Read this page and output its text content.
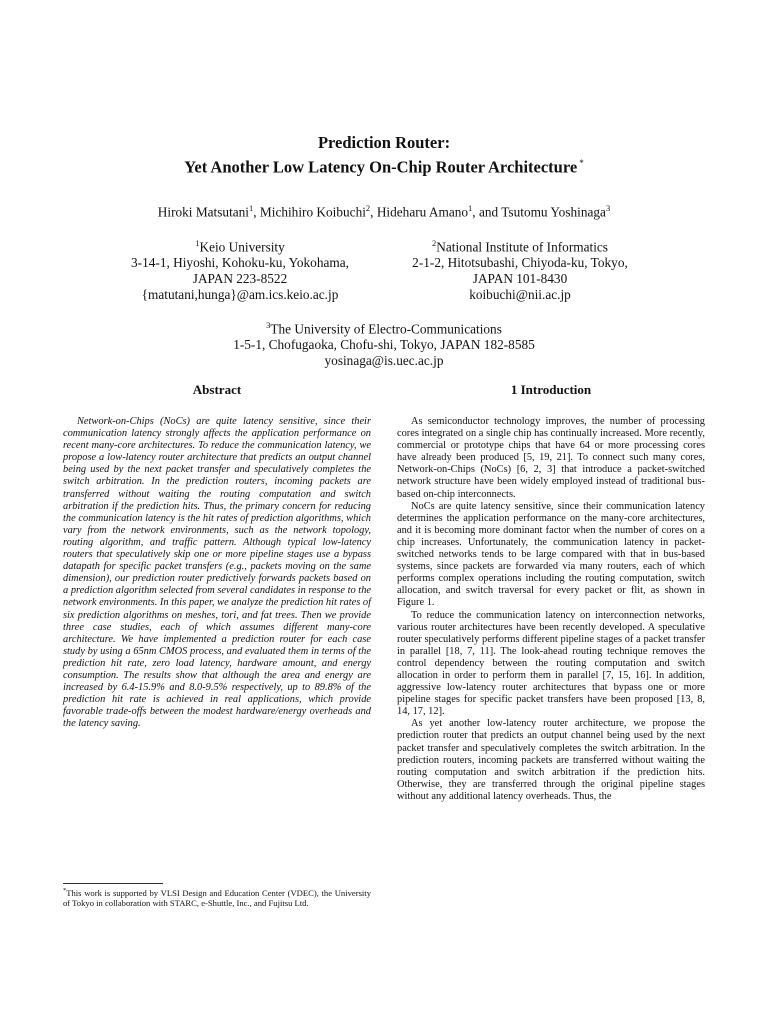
Prediction Router:
Yet Another Low Latency On-Chip Router Architecture *
Hiroki Matsutani$^1$, Michihiro Koibuchi$^2$, Hideharu Amano$^1$, and Tsutomu Yoshinaga$^3$
$^1$Keio University
3-14-1, Hiyoshi, Kohoku-ku, Yokohama,
JAPAN 223-8522
{matutani,hunga}@am.ics.keio.ac.jp
$^2$National Institute of Informatics
2-1-2, Hitotsubashi, Chiyoda-ku, Tokyo,
JAPAN 101-8430
koibuchi@nii.ac.jp
$^3$The University of Electro-Communications
1-5-1, Chofugaoka, Chofu-shi, Tokyo, JAPAN 182-8585
yosinaga@is.uec.ac.jp
Abstract

Network-on-Chips (NoCs) are quite latency sensitive, since their communication latency strongly affects the application performance on recent many-core architectures. To reduce the communication latency, we propose a low-latency router architecture that predicts an output channel being used by the next packet transfer and speculatively completes the switch arbitration. In the prediction routers, incoming packets are transferred without waiting the routing computation and switch arbitration if the prediction hits. Thus, the primary concern for reducing the communication latency is the hit rates of prediction algorithms, which vary from the network environments, such as the network topology, routing algorithm, and traffic pattern. Although typical low-latency routers that speculatively skip one or more pipeline stages use a bypass datapath for specific packet transfers (e.g., packets moving on the same dimension), our prediction router predictively forwards packets based on a prediction algorithm selected from several candidates in response to the network environments. In this paper, we analyze the prediction hit rates of six prediction algorithms on meshes, tori, and fat trees. Then we provide three case studies, each of which assumes different many-core architecture. We have implemented a prediction router for each case study by using a 65nm CMOS process, and evaluated them in terms of the prediction hit rate, zero load latency, hardware amount, and energy consumption. The results show that although the area and energy are increased by 6.4-15.9% and 8.0-9.5% respectively, up to 89.8% of the prediction hit rate is achieved in real applications, which provide favorable trade-offs between the modest hardware/energy overheads and the latency saving.

1 Introduction

As semiconductor technology improves, the number of processing cores integrated on a single chip has continually increased. More recently, commercial or prototype chips that have 64 or more processing cores have already been produced [5, 19, 21]. To connect such many cores, Network-on-Chips (NoCs) [6, 2, 3] that introduce a packet-switched network structure have been widely employed instead of traditional bus-based on-chip interconnects.

NoCs are quite latency sensitive, since their communication latency determines the application performance on the many-core architectures, and it is becoming more dominant factor when the number of cores on a chip increases. Unfortunately, the communication latency in packet-switched networks tends to be large compared with that in bus-based systems, since packets are forwarded via many routers, each of which performs complex operations including the routing computation, switch allocation, and switch traversal for every packet or flit, as shown in Figure 1.

To reduce the communication latency on interconnection networks, various router architectures have been recently developed. A speculative router speculatively performs different pipeline stages of a packet transfer in parallel [18, 7, 11]. The look-ahead routing technique removes the control dependency between the routing computation and switch allocation in order to perform them in parallel [7, 15, 16]. In addition, aggressive low-latency router architectures that bypass one or more pipeline stages for specific packet transfers have been proposed [13, 8, 14, 17, 12].

As yet another low-latency router architecture, we propose the prediction router that predicts an output channel being used by the next packet transfer and speculatively completes the switch arbitration. In the prediction routers, incoming packets are transferred without waiting the routing computation and switch arbitration if the prediction hits. Otherwise, they are transferred through the original pipeline stages without any additional latency overheads. Thus, the

*This work is supported by VLSI Design and Education Center (VDEC), the University of Tokyo in collaboration with STARC, e-Shuttle, Inc., and Fujitsu Ltd.
